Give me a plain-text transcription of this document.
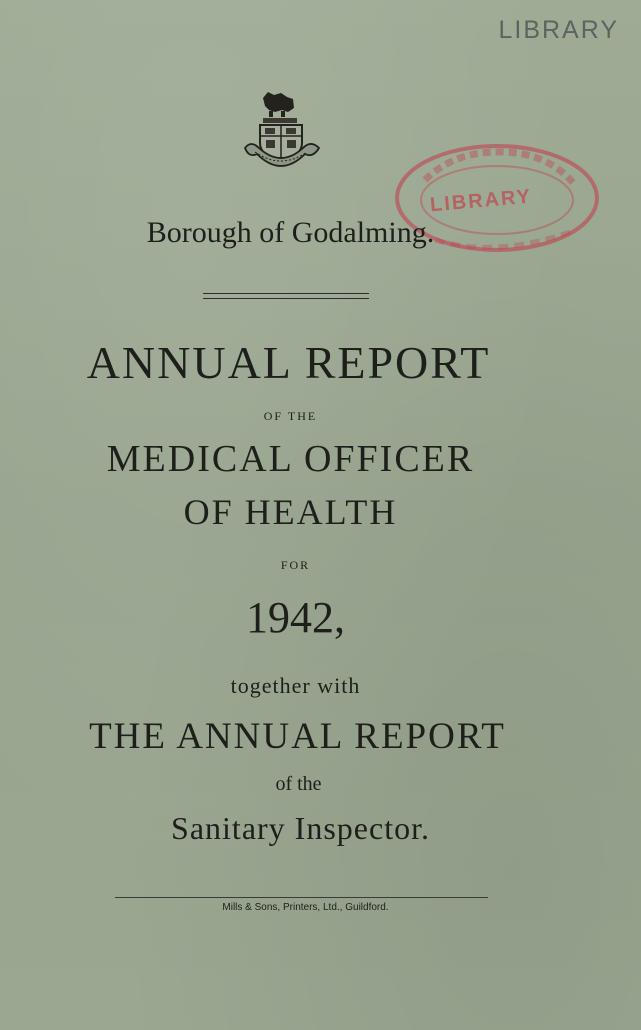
LIBRARY
LIBRARY
Borough of Godalming.
ANNUAL REPORT
OF THE
MEDICAL OFFICER
OF HEALTH
FOR
1942,
together with
THE ANNUAL REPORT
of the
Sanitary Inspector.
Mills & Sons, Printers, Ltd., Guildford.
